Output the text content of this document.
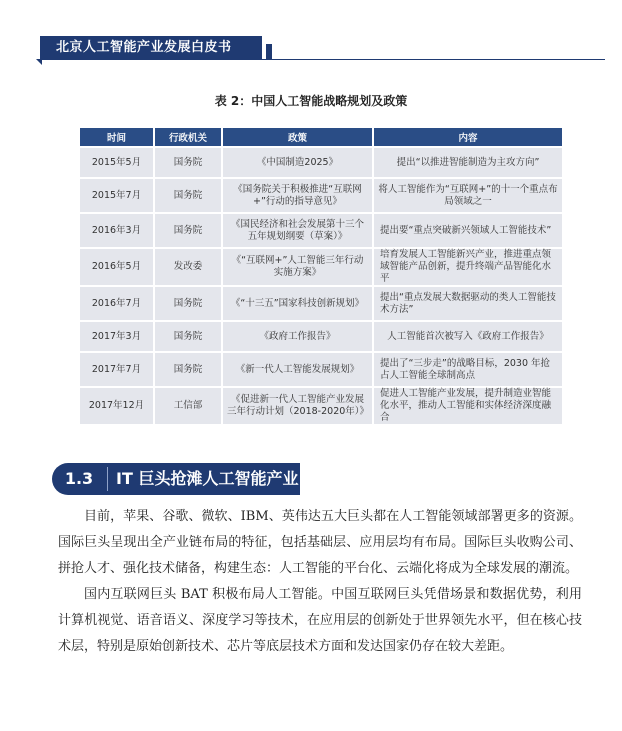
北京人工智能产业发展白皮书
表 2：中国人工智能战略规划及政策
时间	行政机关	政策	内容
2015年5月	国务院	《中国制造2025》	提出“以推进智能制造为主攻方向”
2015年7月	国务院	《国务院关于积极推进“互联网+”行动的指导意见》	将人工智能作为“互联网+”的十一个重点布局领域之一
2016年3月	国务院	《国民经济和社会发展第十三个五年规划纲要（草案）》	提出要“重点突破新兴领域人工智能技术”
2016年5月	发改委	《“互联网+”人工智能三年行动实施方案》	培育发展人工智能新兴产业，推进重点领域智能产品创新，提升终端产品智能化水平
2016年7月	国务院	《“十三五”国家科技创新规划》	提出“重点发展大数据驱动的类人工智能技术方法”
2017年3月	国务院	《政府工作报告》	人工智能首次被写入《政府工作报告》
2017年7月	国务院	《新一代人工智能发展规划》	提出了“三步走”的战略目标，2030 年抢占人工智能全球制高点
2017年12月	工信部	《促进新一代人工智能产业发展三年行动计划（2018-2020年）》	促进人工智能产业发展，提升制造业智能化水平，推动人工智能和实体经济深度融合
1.3	IT 巨头抢滩人工智能产业

目前，苹果、谷歌、微软、IBM、英伟达五大巨头都在人工智能领域部署更多的资源。国际巨头呈现出全产业链布局的特征，包括基础层、应用层均有布局。国际巨头收购公司、拼抢人才、强化技术储备，构建生态：人工智能的平台化、云端化将成为全球发展的潮流。

国内互联网巨头 BAT 积极布局人工智能。中国互联网巨头凭借场景和数据优势，利用计算机视觉、语音语义、深度学习等技术，在应用层的创新处于世界领先水平，但在核心技术层，特别是原始创新技术、芯片等底层技术方面和发达国家仍存在较大差距。
